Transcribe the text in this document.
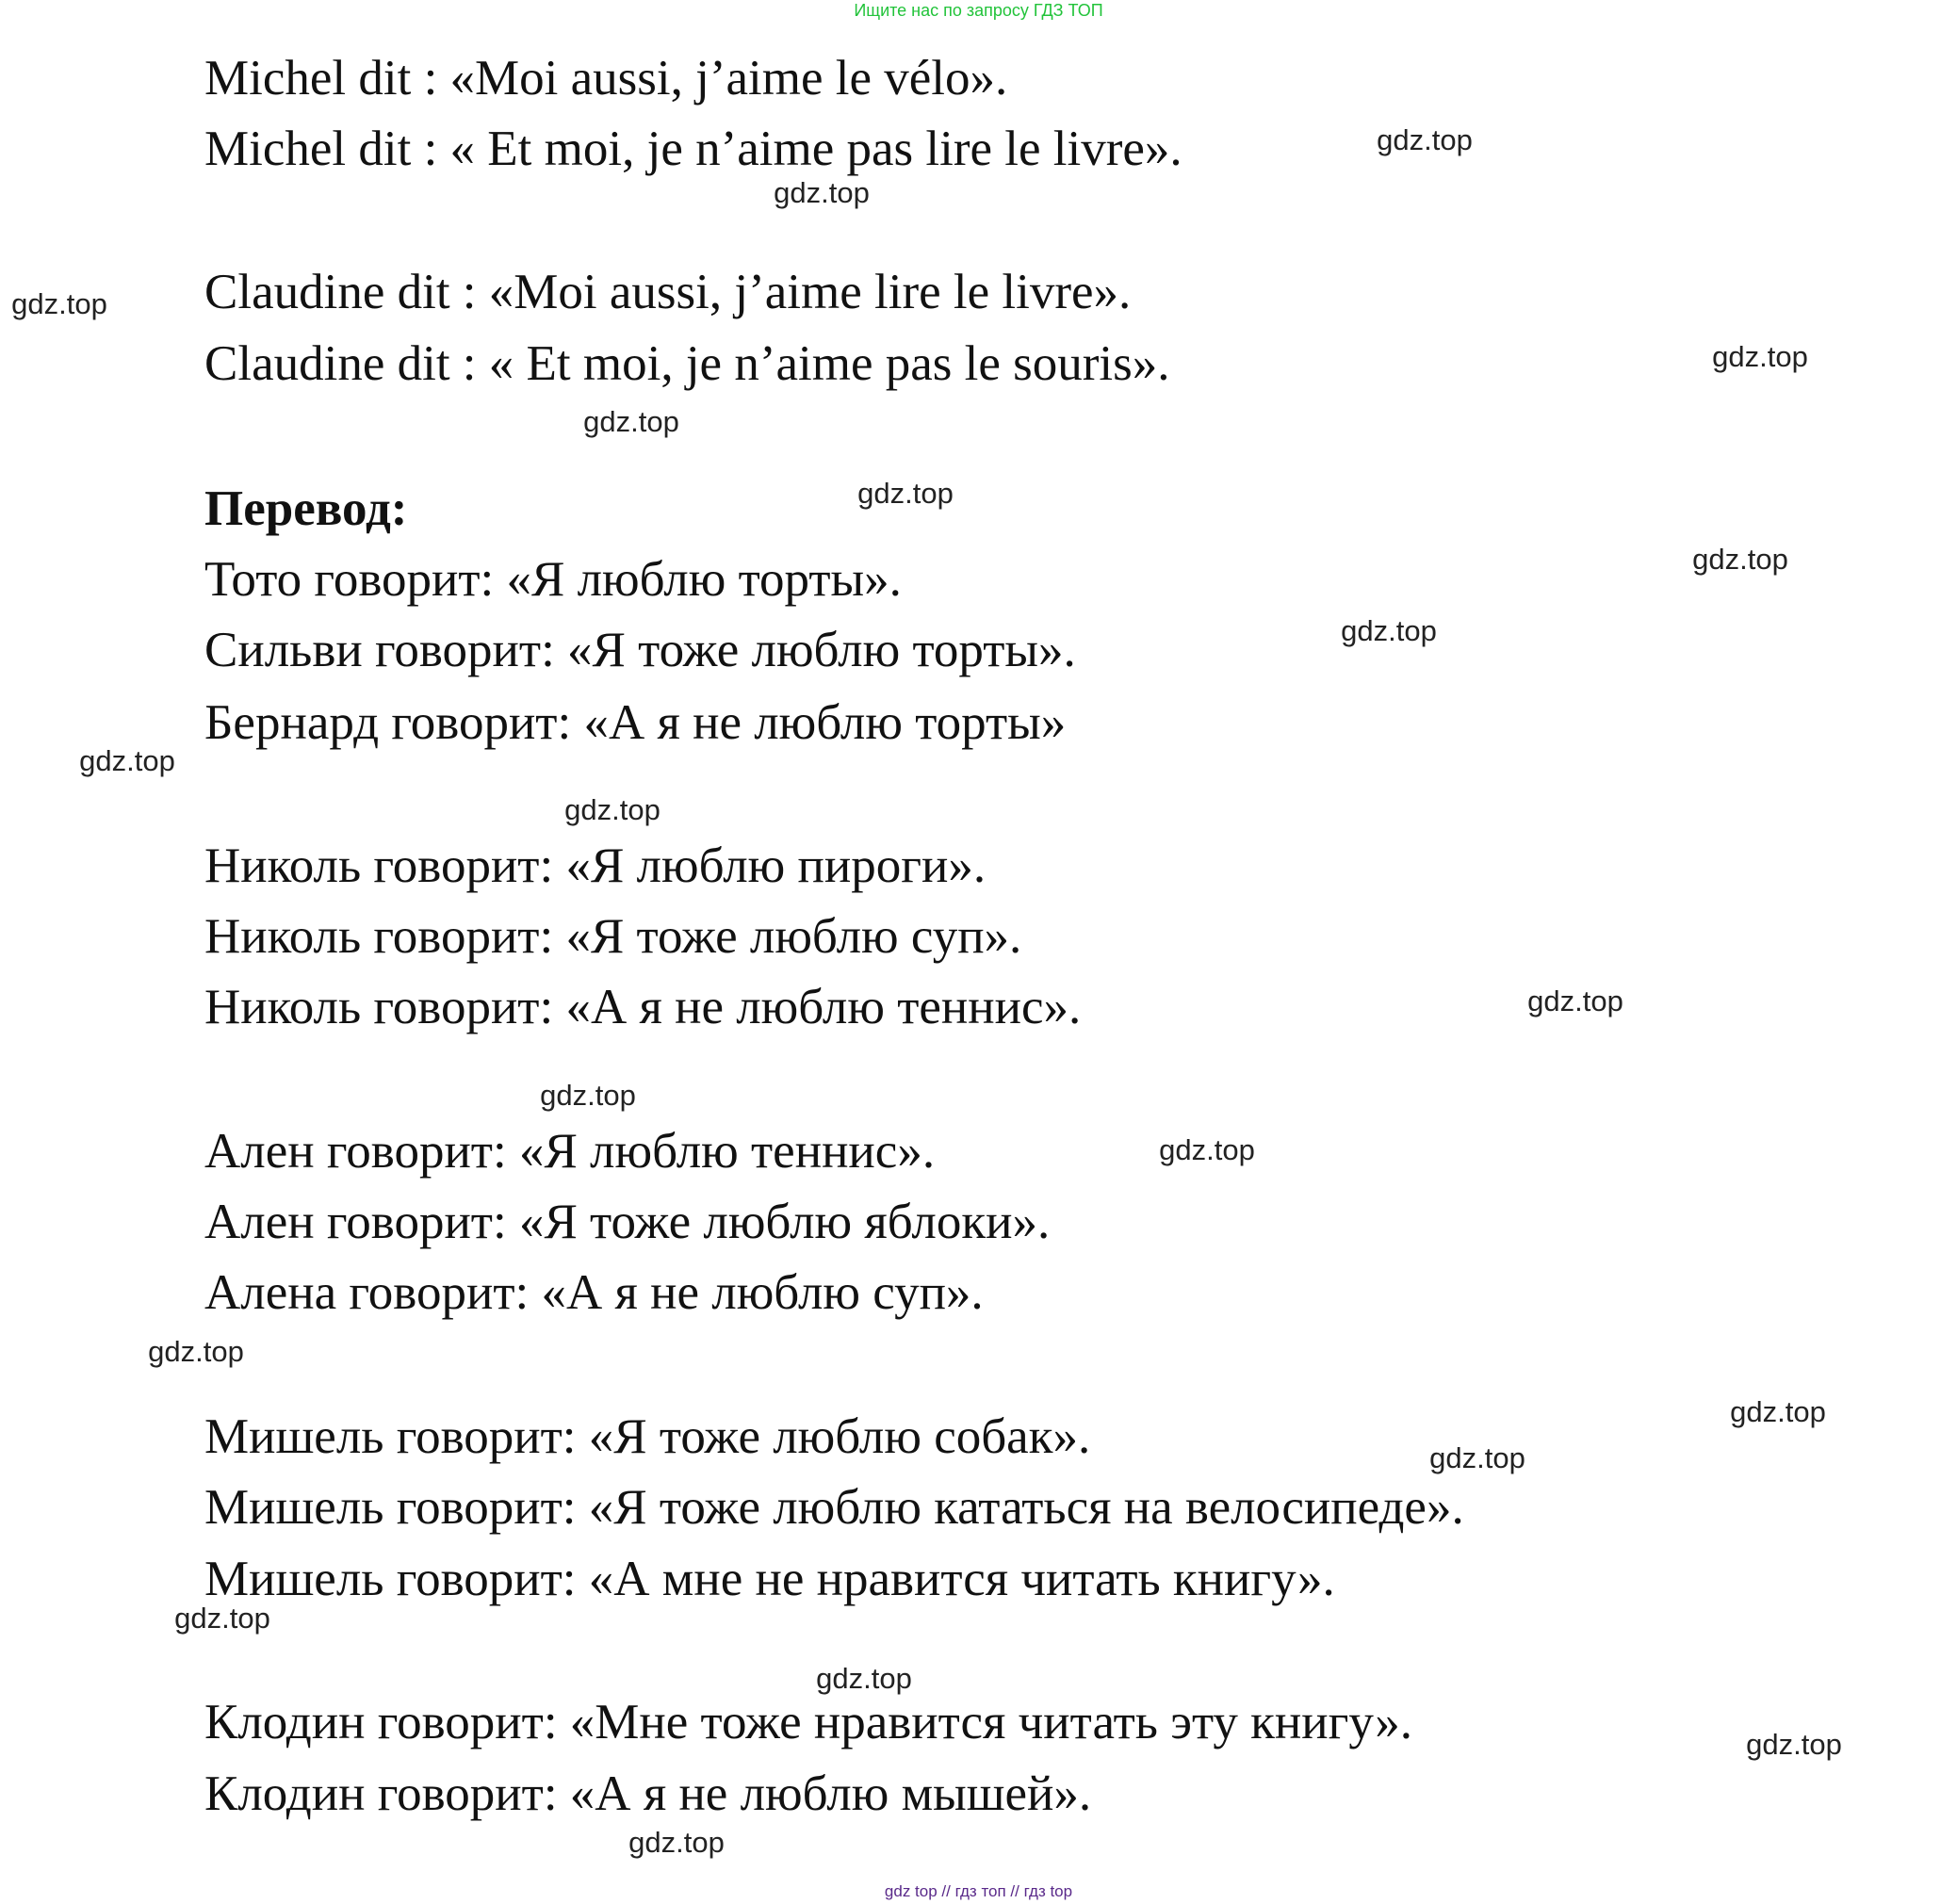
Ищите нас по запросу ГДЗ ТОП
Michel dit : «Moi aussi, j’aime le vélo».
Michel dit : « Et moi, je n’aime pas lire le livre».
Claudine dit : «Moi aussi, j’aime lire le livre».
Claudine dit : « Et moi, je n’aime pas le souris».
Перевод:
Тото говорит: «Я люблю торты».
Сильви говорит: «Я тоже люблю торты».
Бернард говорит: «А я не люблю торты»
Николь говорит: «Я люблю пироги».
Николь говорит: «Я тоже люблю суп».
Николь говорит: «А я не люблю теннис».
Ален говорит: «Я люблю теннис».
Ален говорит: «Я тоже люблю яблоки».
Алена говорит: «А я не люблю суп».
Мишель говорит: «Я тоже люблю собак».
Мишель говорит: «Я тоже люблю кататься на велосипеде».
Мишель говорит: «А мне не нравится читать книгу».
Клодин говорит: «Мне тоже нравится читать эту книгу».
Клодин говорит: «А я не люблю мышей».
gdz.top
gdz.top
gdz.top
gdz.top
gdz.top
gdz.top
gdz.top
gdz.top
gdz.top
gdz.top
gdz.top
gdz.top
gdz.top
gdz.top
gdz.top
gdz.top
gdz.top
gdz.top
gdz.top
gdz.top
gdz top // гдз топ // гдз top
